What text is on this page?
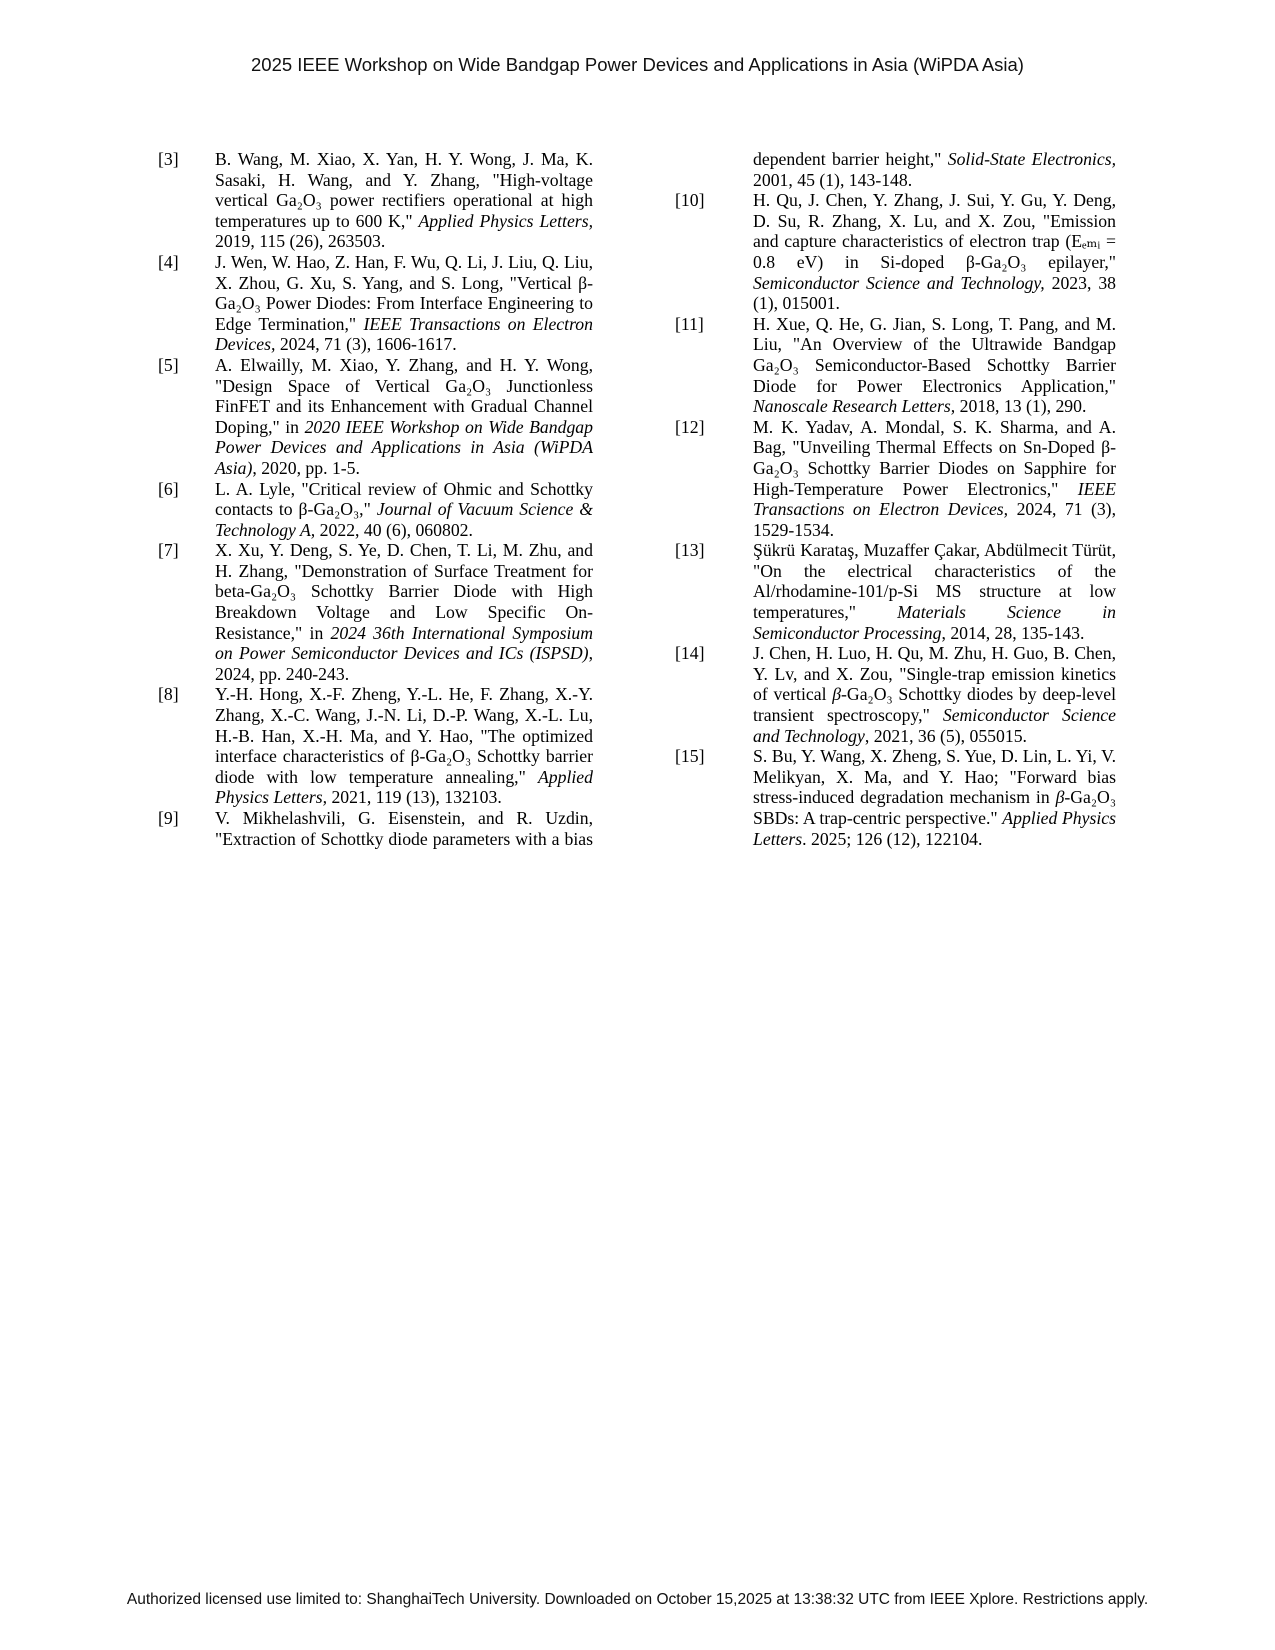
2025 IEEE Workshop on Wide Bandgap Power Devices and Applications in Asia (WiPDA Asia)
[3]	B. Wang, M. Xiao, X. Yan, H. Y. Wong, J. Ma, K. Sasaki, H. Wang, and Y. Zhang, "High-voltage vertical Ga₂O₃ power rectifiers operational at high temperatures up to 600 K," Applied Physics Letters, 2019, 115 (26), 263503.
[4]	J. Wen, W. Hao, Z. Han, F. Wu, Q. Li, J. Liu, Q. Liu, X. Zhou, G. Xu, S. Yang, and S. Long, "Vertical β-Ga₂O₃ Power Diodes: From Interface Engineering to Edge Termination," IEEE Transactions on Electron Devices, 2024, 71 (3), 1606-1617.
[5]	A. Elwailly, M. Xiao, Y. Zhang, and H. Y. Wong, "Design Space of Vertical Ga₂O₃ Junctionless FinFET and its Enhancement with Gradual Channel Doping," in 2020 IEEE Workshop on Wide Bandgap Power Devices and Applications in Asia (WiPDA Asia), 2020, pp. 1-5.
[6]	L. A. Lyle, "Critical review of Ohmic and Schottky contacts to β-Ga₂O₃," Journal of Vacuum Science & Technology A, 2022, 40 (6), 060802.
[7]	X. Xu, Y. Deng, S. Ye, D. Chen, T. Li, M. Zhu, and H. Zhang, "Demonstration of Surface Treatment for beta-Ga₂O₃ Schottky Barrier Diode with High Breakdown Voltage and Low Specific On-Resistance," in 2024 36th International Symposium on Power Semiconductor Devices and ICs (ISPSD), 2024, pp. 240-243.
[8]	Y.-H. Hong, X.-F. Zheng, Y.-L. He, F. Zhang, X.-Y. Zhang, X.-C. Wang, J.-N. Li, D.-P. Wang, X.-L. Lu, H.-B. Han, X.-H. Ma, and Y. Hao, "The optimized interface characteristics of β-Ga₂O₃ Schottky barrier diode with low temperature annealing," Applied Physics Letters, 2021, 119 (13), 132103.
[9]	V. Mikhelashvili, G. Eisenstein, and R. Uzdin, "Extraction of Schottky diode parameters with a bias
dependent barrier height," Solid-State Electronics, 2001, 45 (1), 143-148.
[10]	H. Qu, J. Chen, Y. Zhang, J. Sui, Y. Gu, Y. Deng, D. Su, R. Zhang, X. Lu, and X. Zou, "Emission and capture characteristics of electron trap (Eₑₘᵢ = 0.8 eV) in Si-doped β-Ga₂O₃ epilayer," Semiconductor Science and Technology, 2023, 38 (1), 015001.
[11]	H. Xue, Q. He, G. Jian, S. Long, T. Pang, and M. Liu, "An Overview of the Ultrawide Bandgap Ga₂O₃ Semiconductor-Based Schottky Barrier Diode for Power Electronics Application," Nanoscale Research Letters, 2018, 13 (1), 290.
[12]	M. K. Yadav, A. Mondal, S. K. Sharma, and A. Bag, "Unveiling Thermal Effects on Sn-Doped β-Ga₂O₃ Schottky Barrier Diodes on Sapphire for High-Temperature Power Electronics," IEEE Transactions on Electron Devices, 2024, 71 (3), 1529-1534.
[13]	Şükrü Karataş, Muzaffer Çakar, Abdülmecit Türüt, "On the electrical characteristics of the Al/rhodamine-101/p-Si MS structure at low temperatures," Materials Science in Semiconductor Processing, 2014, 28, 135-143.
[14]	J. Chen, H. Luo, H. Qu, M. Zhu, H. Guo, B. Chen, Y. Lv, and X. Zou, "Single-trap emission kinetics of vertical β-Ga₂O₃ Schottky diodes by deep-level transient spectroscopy," Semiconductor Science and Technology, 2021, 36 (5), 055015.
[15]	S. Bu, Y. Wang, X. Zheng, S. Yue, D. Lin, L. Yi, V. Melikyan, X. Ma, and Y. Hao; "Forward bias stress-induced degradation mechanism in β-Ga₂O₃ SBDs: A trap-centric perspective." Applied Physics Letters. 2025; 126 (12), 122104.
Authorized licensed use limited to: ShanghaiTech University. Downloaded on October 15,2025 at 13:38:32 UTC from IEEE Xplore. Restrictions apply.
